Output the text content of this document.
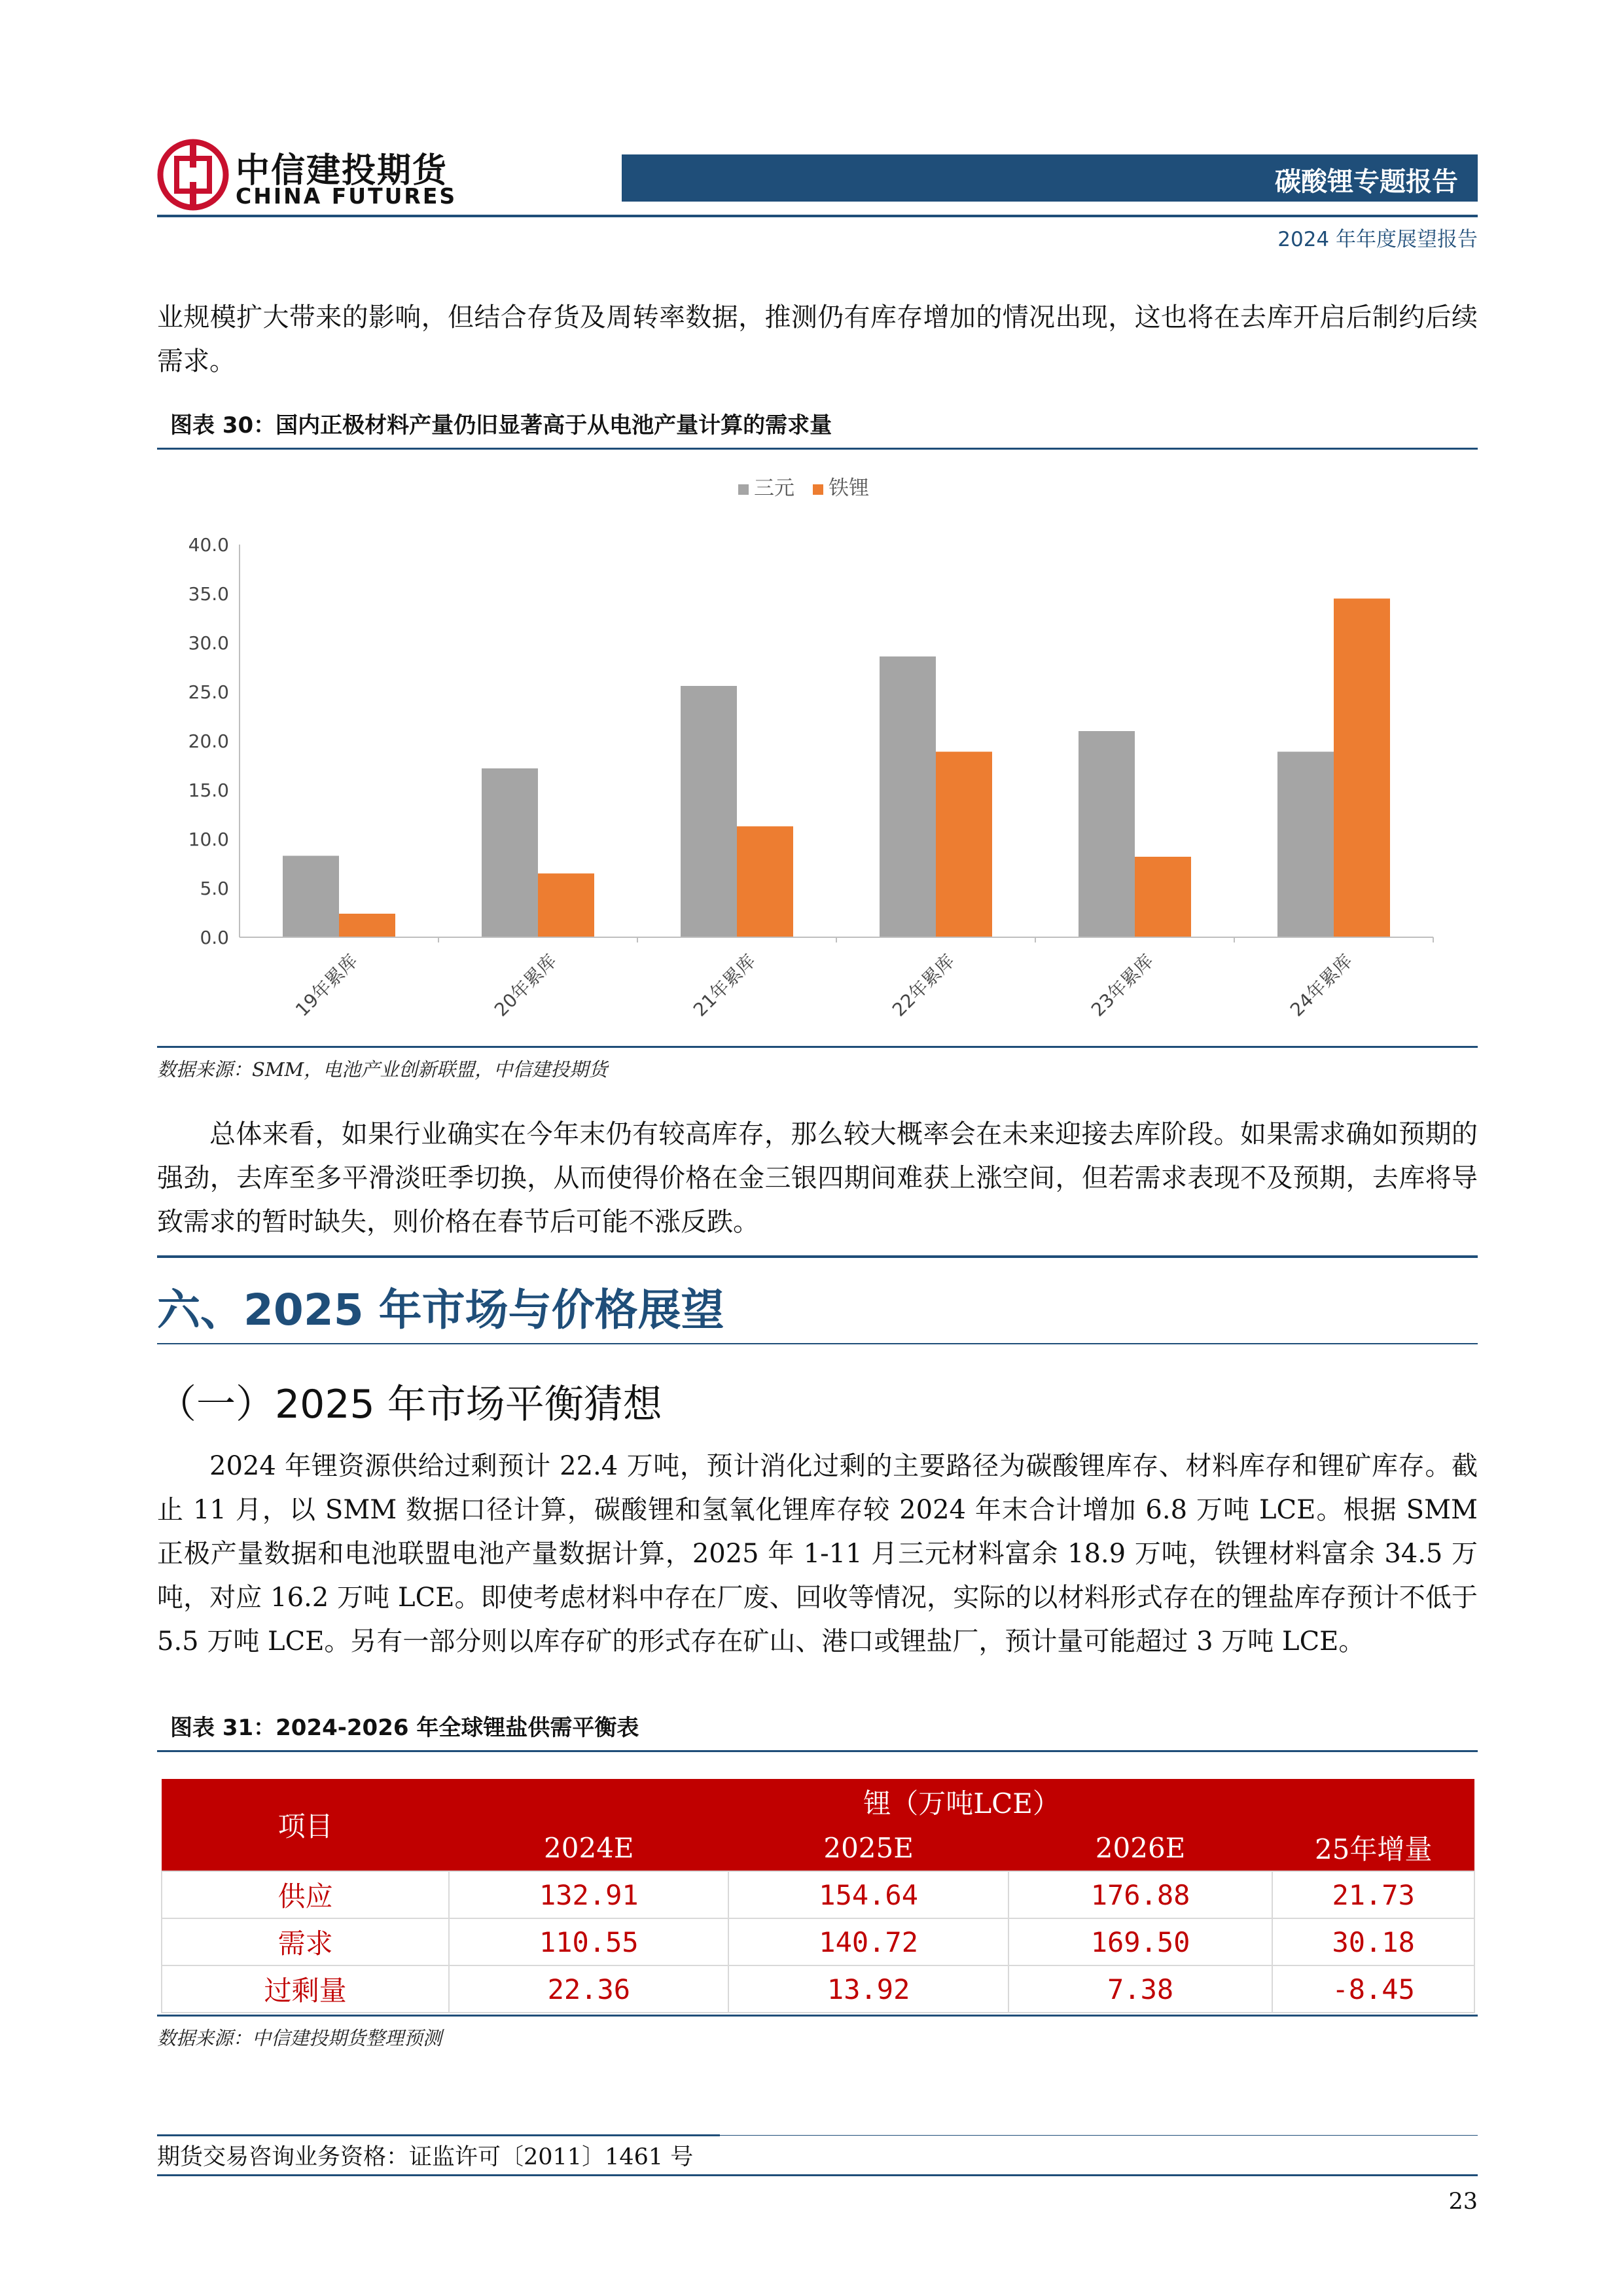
中信建投期货
CHINA FUTURES	碳酸锂专题报告
2024 年年度展望报告
业规模扩大带来的影响，但结合存货及周转率数据，推测仍有库存增加的情况出现，这也将在去库开启后制约后续需求。
图表 30：国内正极材料产量仍旧显著高于从电池产量计算的需求量
三元 铁锂
0.0
5.0
10.0
15.0
20.0
25.0
30.0
35.0
40.0
19年累库	20年累库	21年累库	22年累库	23年累库	24年累库
数据来源：SMM，电池产业创新联盟，中信建投期货
总体来看，如果行业确实在今年末仍有较高库存，那么较大概率会在未来迎接去库阶段。如果需求确如预期的强劲，去库至多平滑淡旺季切换，从而使得价格在金三银四期间难获上涨空间，但若需求表现不及预期，去库将导致需求的暂时缺失，则价格在春节后可能不涨反跌。
六、2025 年市场与价格展望
（一）2025 年市场平衡猜想
2024 年锂资源供给过剩预计 22.4 万吨，预计消化过剩的主要路径为碳酸锂库存、材料库存和锂矿库存。截止 11 月，以 SMM 数据口径计算，碳酸锂和氢氧化锂库存较 2024 年末合计增加 6.8 万吨 LCE。根据 SMM 正极产量数据和电池联盟电池产量数据计算，2025 年 1-11 月三元材料富余 18.9 万吨，铁锂材料富余 34.5 万吨，对应 16.2 万吨 LCE。即使考虑材料中存在厂废、回收等情况，实际的以材料形式存在的锂盐库存预计不低于 5.5 万吨 LCE。另有一部分则以库存矿的形式存在矿山、港口或锂盐厂，预计量可能超过 3 万吨 LCE。
图表 31：2024-2026 年全球锂盐供需平衡表
项目	锂（万吨LCE）			
	2024E	2025E	2026E	25年增量
供应	132.91	154.64	176.88	21.73
需求	110.55	140.72	169.50	30.18
过剩量	22.36	13.92	7.38	-8.45
数据来源：中信建投期货整理预测
期货交易咨询业务资格：证监许可〔2011〕1461 号
23
